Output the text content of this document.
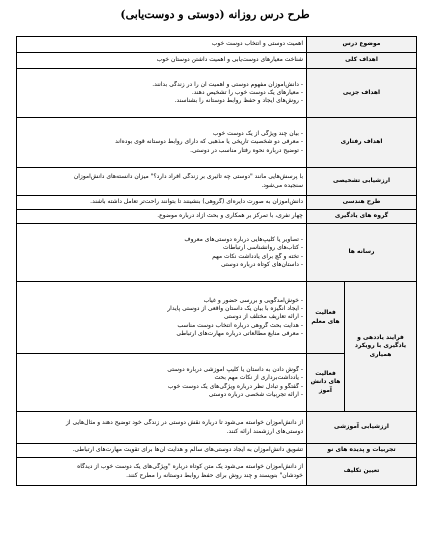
طرح درس روزانه (دوستی و دوست‌یابی)
موضوع درس		اهمیت دوستی و انتخاب دوست خوب

اهداف کلی		شناخت معیارهای دوست‌یابی و اهمیت داشتن دوستان خوب

اهداف جزیی		- دانش‌آموزان مفهوم دوستی و اهمیت آن را در زندگی بدانند.
- معیارهای یک دوست خوب را تشخیص دهند.
- روش‌های ایجاد و حفظ روابط دوستانه را بشناسند.

اهداف رفتاری		- بیان چند ویژگی از یک دوست خوب
- معرفی دو شخصیت تاریخی یا مذهبی که دارای روابط دوستانه قوی بوده‌اند
- توضیح درباره نحوه رفتار مناسب در دوستی.

ارزشیابی تشخیصی		با پرسش‌هایی مانند "دوستی چه تأثیری بر زندگی افراد دارد؟" میزان دانسته‌های دانش‌آموزان
سنجیده می‌شود.

طرح هندسی		دانش‌آموزان به صورت دایره‌ای (گروهی) بنشینند تا بتوانند راحت‌تر تعامل داشته باشند.

گروه های یادگیری		چهار نفری، با تمرکز بر همکاری و بحث آزاد درباره موضوع.

رسانه ها		- تصاویر یا کلیپ‌هایی درباره دوستی‌های معروف
- کتاب‌های روانشناسی ارتباطات
- تخته و گچ برای یادداشت نکات مهم
- داستان‌های کوتاه درباره دوستی

فرآیند یاددهی و یادگیری با رویکرد همیاری	فعالیت های معلم	- خوش‌آمدگویی و بررسی حضور و غیاب
- ایجاد انگیزه با بیان یک داستان واقعی از دوستی پایدار
- ارائه تعاریف مختلف از دوستی
- هدایت بحث گروهی درباره انتخاب دوست مناسب
- معرفی منابع مطالعاتی درباره مهارت‌های ارتباطی

	فعالیت های دانش آموز	- گوش دادن به داستان یا کلیپ آموزشی درباره دوستی
- یادداشت‌برداری از نکات مهم بحث
- گفتگو و تبادل نظر درباره ویژگی‌های یک دوست خوب
- ارائه تجربیات شخصی درباره دوستی

ارزشیابی آموزشی		از دانش‌آموزان خواسته می‌شود تا درباره نقش دوستی در زندگی خود توضیح دهند و مثال‌هایی از
دوستی‌های ارزشمند ارائه کنند.

تجربیات و پدیده های نو		تشویق دانش‌آموزان به ایجاد دوستی‌های سالم و هدایت آن‌ها برای تقویت مهارت‌های ارتباطی.

تعیین تکلیف		از دانش‌آموزان خواسته می‌شود یک متن کوتاه درباره "ویژگی‌های یک دوست خوب از دیدگاه
خودشان" بنویسند و چند روش برای حفظ روابط دوستانه را مطرح کنند.
